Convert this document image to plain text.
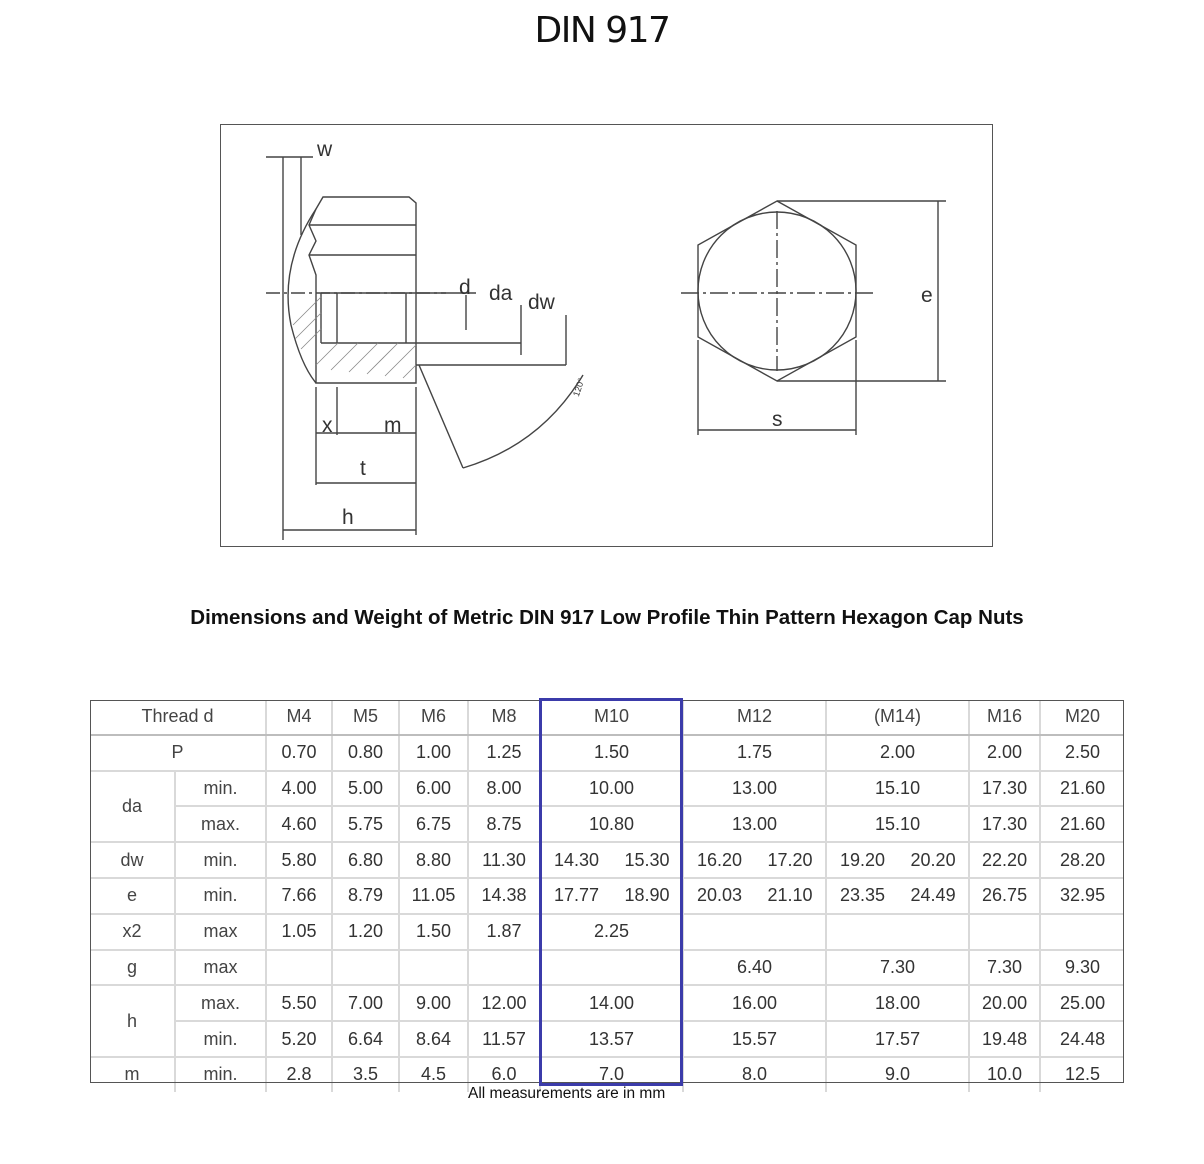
DIN 917
w
d da dw
120°
x m
t
h
e
s
Dimensions and Weight of Metric DIN 917 Low Profile Thin Pattern Hexagon Cap Nuts
Thread d		M4	M5	M6	M8	M10		M12		(M14)		M16	M20
P		0.70	0.80	1.00	1.25	1.50		1.75		2.00		2.00	2.50
da	min.	4.00	5.00	6.00	8.00	10.00		13.00		15.10		17.30	21.60
	max.	4.60	5.75	6.75	8.75	10.80		13.00		15.10		17.30	21.60
dw	min.	5.80	6.80	8.80	11.30	14.30	15.30	16.20	17.20	19.20	20.20	22.20	28.20
e	min.	7.66	8.79	11.05	14.38	17.77	18.90	20.03	21.10	23.35	24.49	26.75	32.95
x2	max	1.05	1.20	1.50	1.87	2.25							
g	max							6.40		7.30		7.30	9.30
h	max.	5.50	7.00	9.00	12.00	14.00		16.00		18.00		20.00	25.00
	min.	5.20	6.64	8.64	11.57	13.57		15.57		17.57		19.48	24.48
m	min.	2.8	3.5	4.5	6.0	7.0		8.0		9.0		10.0	12.5
All measurements are in mm
